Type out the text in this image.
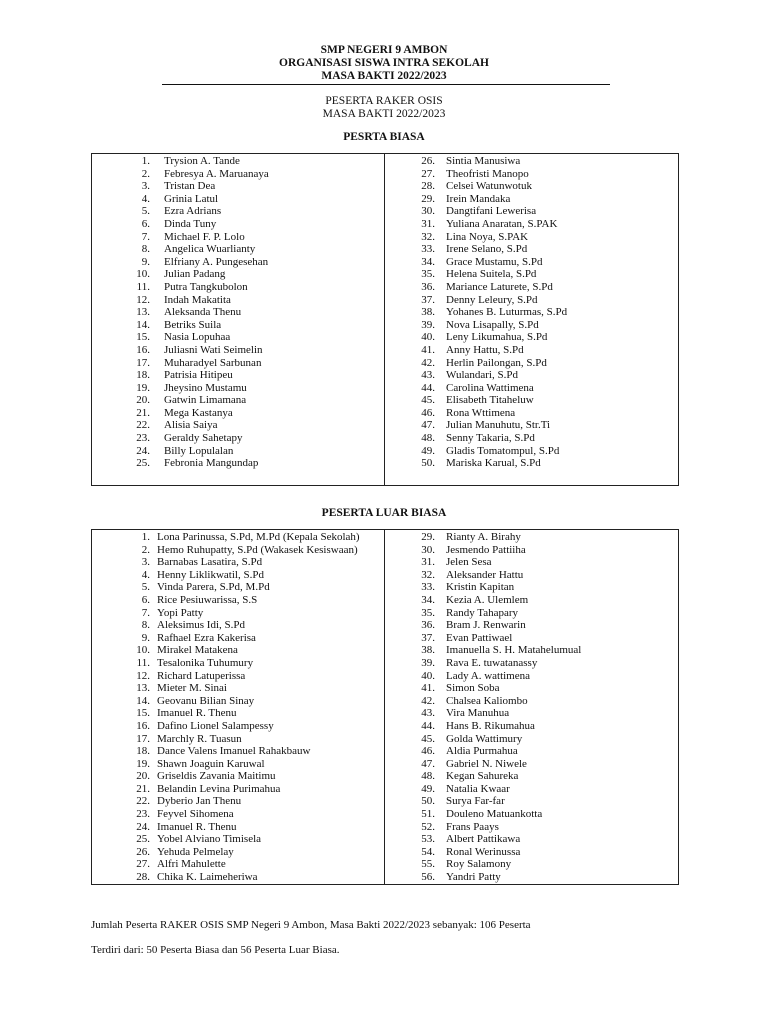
SMP NEGERI 9 AMBON
ORGANISASI SISWA INTRA SEKOLAH
MASA BAKTI 2022/2023
PESERTA RAKER OSIS
MASA BAKTI 2022/2023
PESRTA BIASA
1. Trysion A. Tande
2. Febresya A. Maruanaya
3. Tristan Dea
4. Grinia Latul
5. Ezra Adrians
6. Dinda Tuny
7. Michael F. P. Lolo
8. Angelica Wuarlianty
9. Elfriany A. Pungesehan
10. Julian Padang
11. Putra Tangkubolon
12. Indah Makatita
13. Aleksanda Thenu
14. Betriks Suila
15. Nasia Lopuhaa
16. Juliasni Wati Seimelin
17. Muharadyel Sarbunan
18. Patrisia Hitipeu
19. Jheysino Mustamu
20. Gatwin Limamana
21. Mega Kastanya
22. Alisia Saiya
23. Geraldy Sahetapy
24. Billy Lopulalan
25. Febronia Mangundap
26. Sintia Manusiwa
27. Theofristi Manopo
28. Celsei Watunwotuk
29. Irein Mandaka
30. Dangtifani Lewerisa
31. Yuliana Anaratan, S.PAK
32. Lina Noya, S.PAK
33. Irene Selano, S.Pd
34. Grace Mustamu, S.Pd
35. Helena Suitela, S.Pd
36. Mariance Laturete, S.Pd
37. Denny Leleury, S.Pd
38. Yohanes B. Luturmas, S.Pd
39. Nova Lisapally, S.Pd
40. Leny Likumahua, S.Pd
41. Anny Hattu, S.Pd
42. Herlin Pailongan, S.Pd
43. Wulandari, S.Pd
44. Carolina Wattimena
45. Elisabeth Titaheluw
46. Rona Wttimena
47. Julian Manuhutu, Str.Ti
48. Senny Takaria, S.Pd
49. Gladis Tomatompul, S.Pd
50. Mariska Karual, S.Pd
PESERTA LUAR BIASA
1. Lona Parinussa, S.Pd, M.Pd (Kepala Sekolah)
2. Hemo Ruhupatty, S.Pd (Wakasek Kesiswaan)
3. Barnabas Lasatira, S.Pd
4. Henny Liklikwatil, S.Pd
5. Vinda Parera, S.Pd, M.Pd
6. Rice Pesiuwarissa, S.S
7. Yopi Patty
8. Aleksimus Idi, S.Pd
9. Rafhael Ezra Kakerisa
10. Mirakel Matakena
11. Tesalonika Tuhumury
12. Richard Latuperissa
13. Mieter M. Sinai
14. Geovanu Bilian Sinay
15. Imanuel R. Thenu
16. Dafino Lionel Salampessy
17. Marchly R. Tuasun
18. Dance Valens Imanuel Rahakbauw
19. Shawn Joaguin Karuwal
20. Griseldis Zavania Maitimu
21. Belandin Levina Purimahua
22. Dyberio Jan Thenu
23. Feyvel Sihomena
24. Imanuel R. Thenu
25. Yobel Alviano Timisela
26. Yehuda Pelmelay
27. Alfri Mahulette
28. Chika K. Laimeheriwa
29. Rianty A. Birahy
30. Jesmendo Pattiiha
31. Jelen Sesa
32. Aleksander Hattu
33. Kristin Kapitan
34. Kezia A. Ulemlem
35. Randy Tahapary
36. Bram J. Renwarin
37. Evan Pattiwael
38. Imanuella S. H. Matahelumual
39. Rava E. tuwatanassy
40. Lady A. wattimena
41. Simon Soba
42. Chalsea Kaliombo
43. Vira Manuhua
44. Hans B. Rikumahua
45. Golda Wattimury
46. Aldia Purmahua
47. Gabriel N. Niwele
48. Kegan Sahureka
49. Natalia Kwaar
50. Surya Far-far
51. Douleno Matuankotta
52. Frans Paays
53. Albert Pattikawa
54. Ronal Werinussa
55. Roy Salamony
56. Yandri Patty
Jumlah Peserta RAKER OSIS SMP Negeri 9 Ambon, Masa Bakti 2022/2023 sebanyak: 106 Peserta
Terdiri dari: 50 Peserta Biasa dan 56 Peserta Luar Biasa.
